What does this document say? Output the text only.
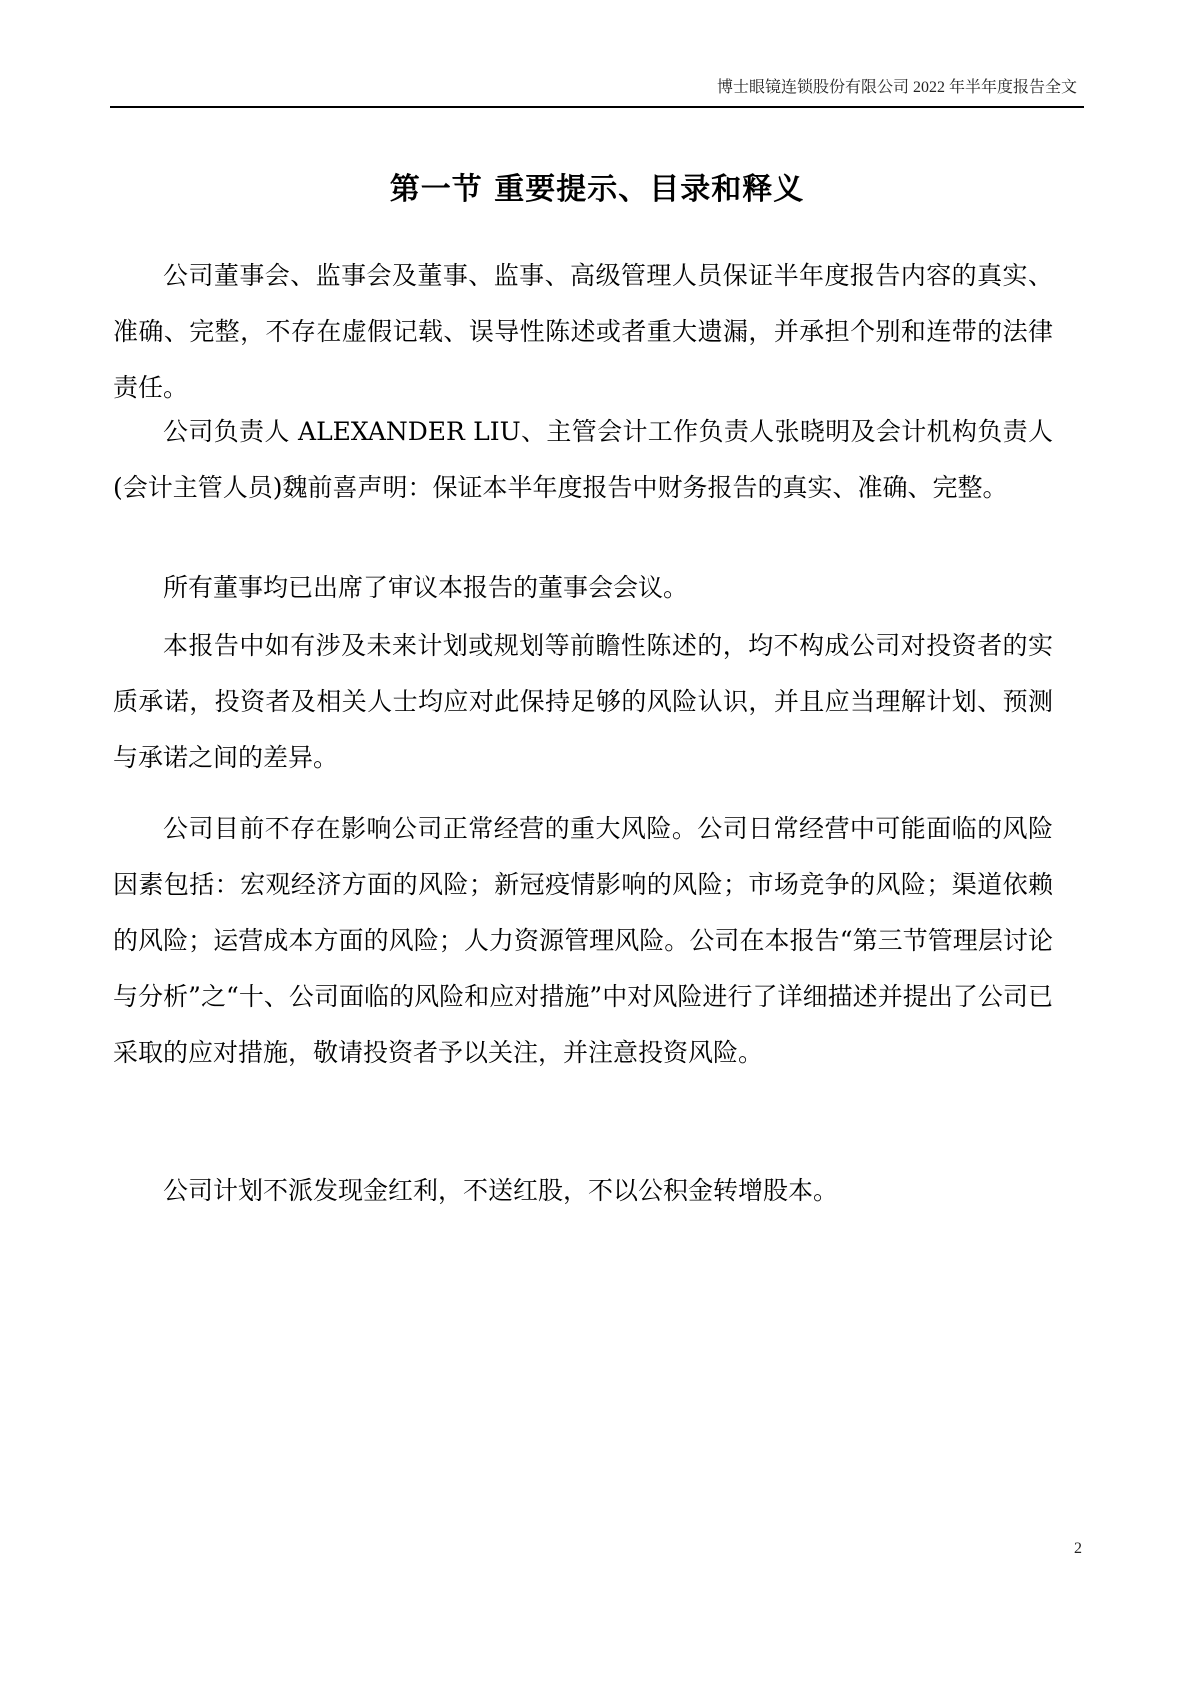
博士眼镜连锁股份有限公司 2022 年半年度报告全文
第一节 重要提示、目录和释义

公司董事会、监事会及董事、监事、高级管理人员保证半年度报告内容的真实、准确、完整，不存在虚假记载、误导性陈述或者重大遗漏，并承担个别和连带的法律责任。

公司负责人 ALEXANDER LIU、主管会计工作负责人张晓明及会计机构负责人(会计主管人员)魏前喜声明：保证本半年度报告中财务报告的真实、准确、完整。

所有董事均已出席了审议本报告的董事会会议。

本报告中如有涉及未来计划或规划等前瞻性陈述的，均不构成公司对投资者的实质承诺，投资者及相关人士均应对此保持足够的风险认识，并且应当理解计划、预测与承诺之间的差异。

公司目前不存在影响公司正常经营的重大风险。公司日常经营中可能面临的风险因素包括：宏观经济方面的风险；新冠疫情影响的风险；市场竞争的风险；渠道依赖的风险；运营成本方面的风险；人力资源管理风险。公司在本报告“第三节管理层讨论与分析”之“十、公司面临的风险和应对措施”中对风险进行了详细描述并提出了公司已采取的应对措施，敬请投资者予以关注，并注意投资风险。

公司计划不派发现金红利，不送红股，不以公积金转增股本。

2
